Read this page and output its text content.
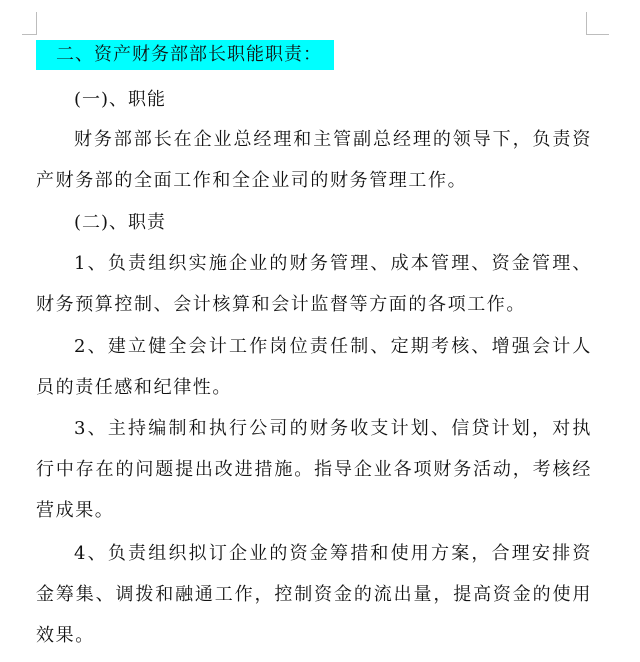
二、资产财务部部长职能职责：
(一)、职能
财务部部长在企业总经理和主管副总经理的领导下，负责资产财务部的全面工作和全企业司的财务管理工作。
(二)、职责
1、负责组织实施企业的财务管理、成本管理、资金管理、财务预算控制、会计核算和会计监督等方面的各项工作。
2、建立健全会计工作岗位责任制、定期考核、增强会计人员的责任感和纪律性。
3、主持编制和执行公司的财务收支计划、信贷计划，对执行中存在的问题提出改进措施。指导企业各项财务活动，考核经营成果。
4、负责组织拟订企业的资金筹措和使用方案，合理安排资金筹集、调拨和融通工作，控制资金的流出量，提高资金的使用效果。
